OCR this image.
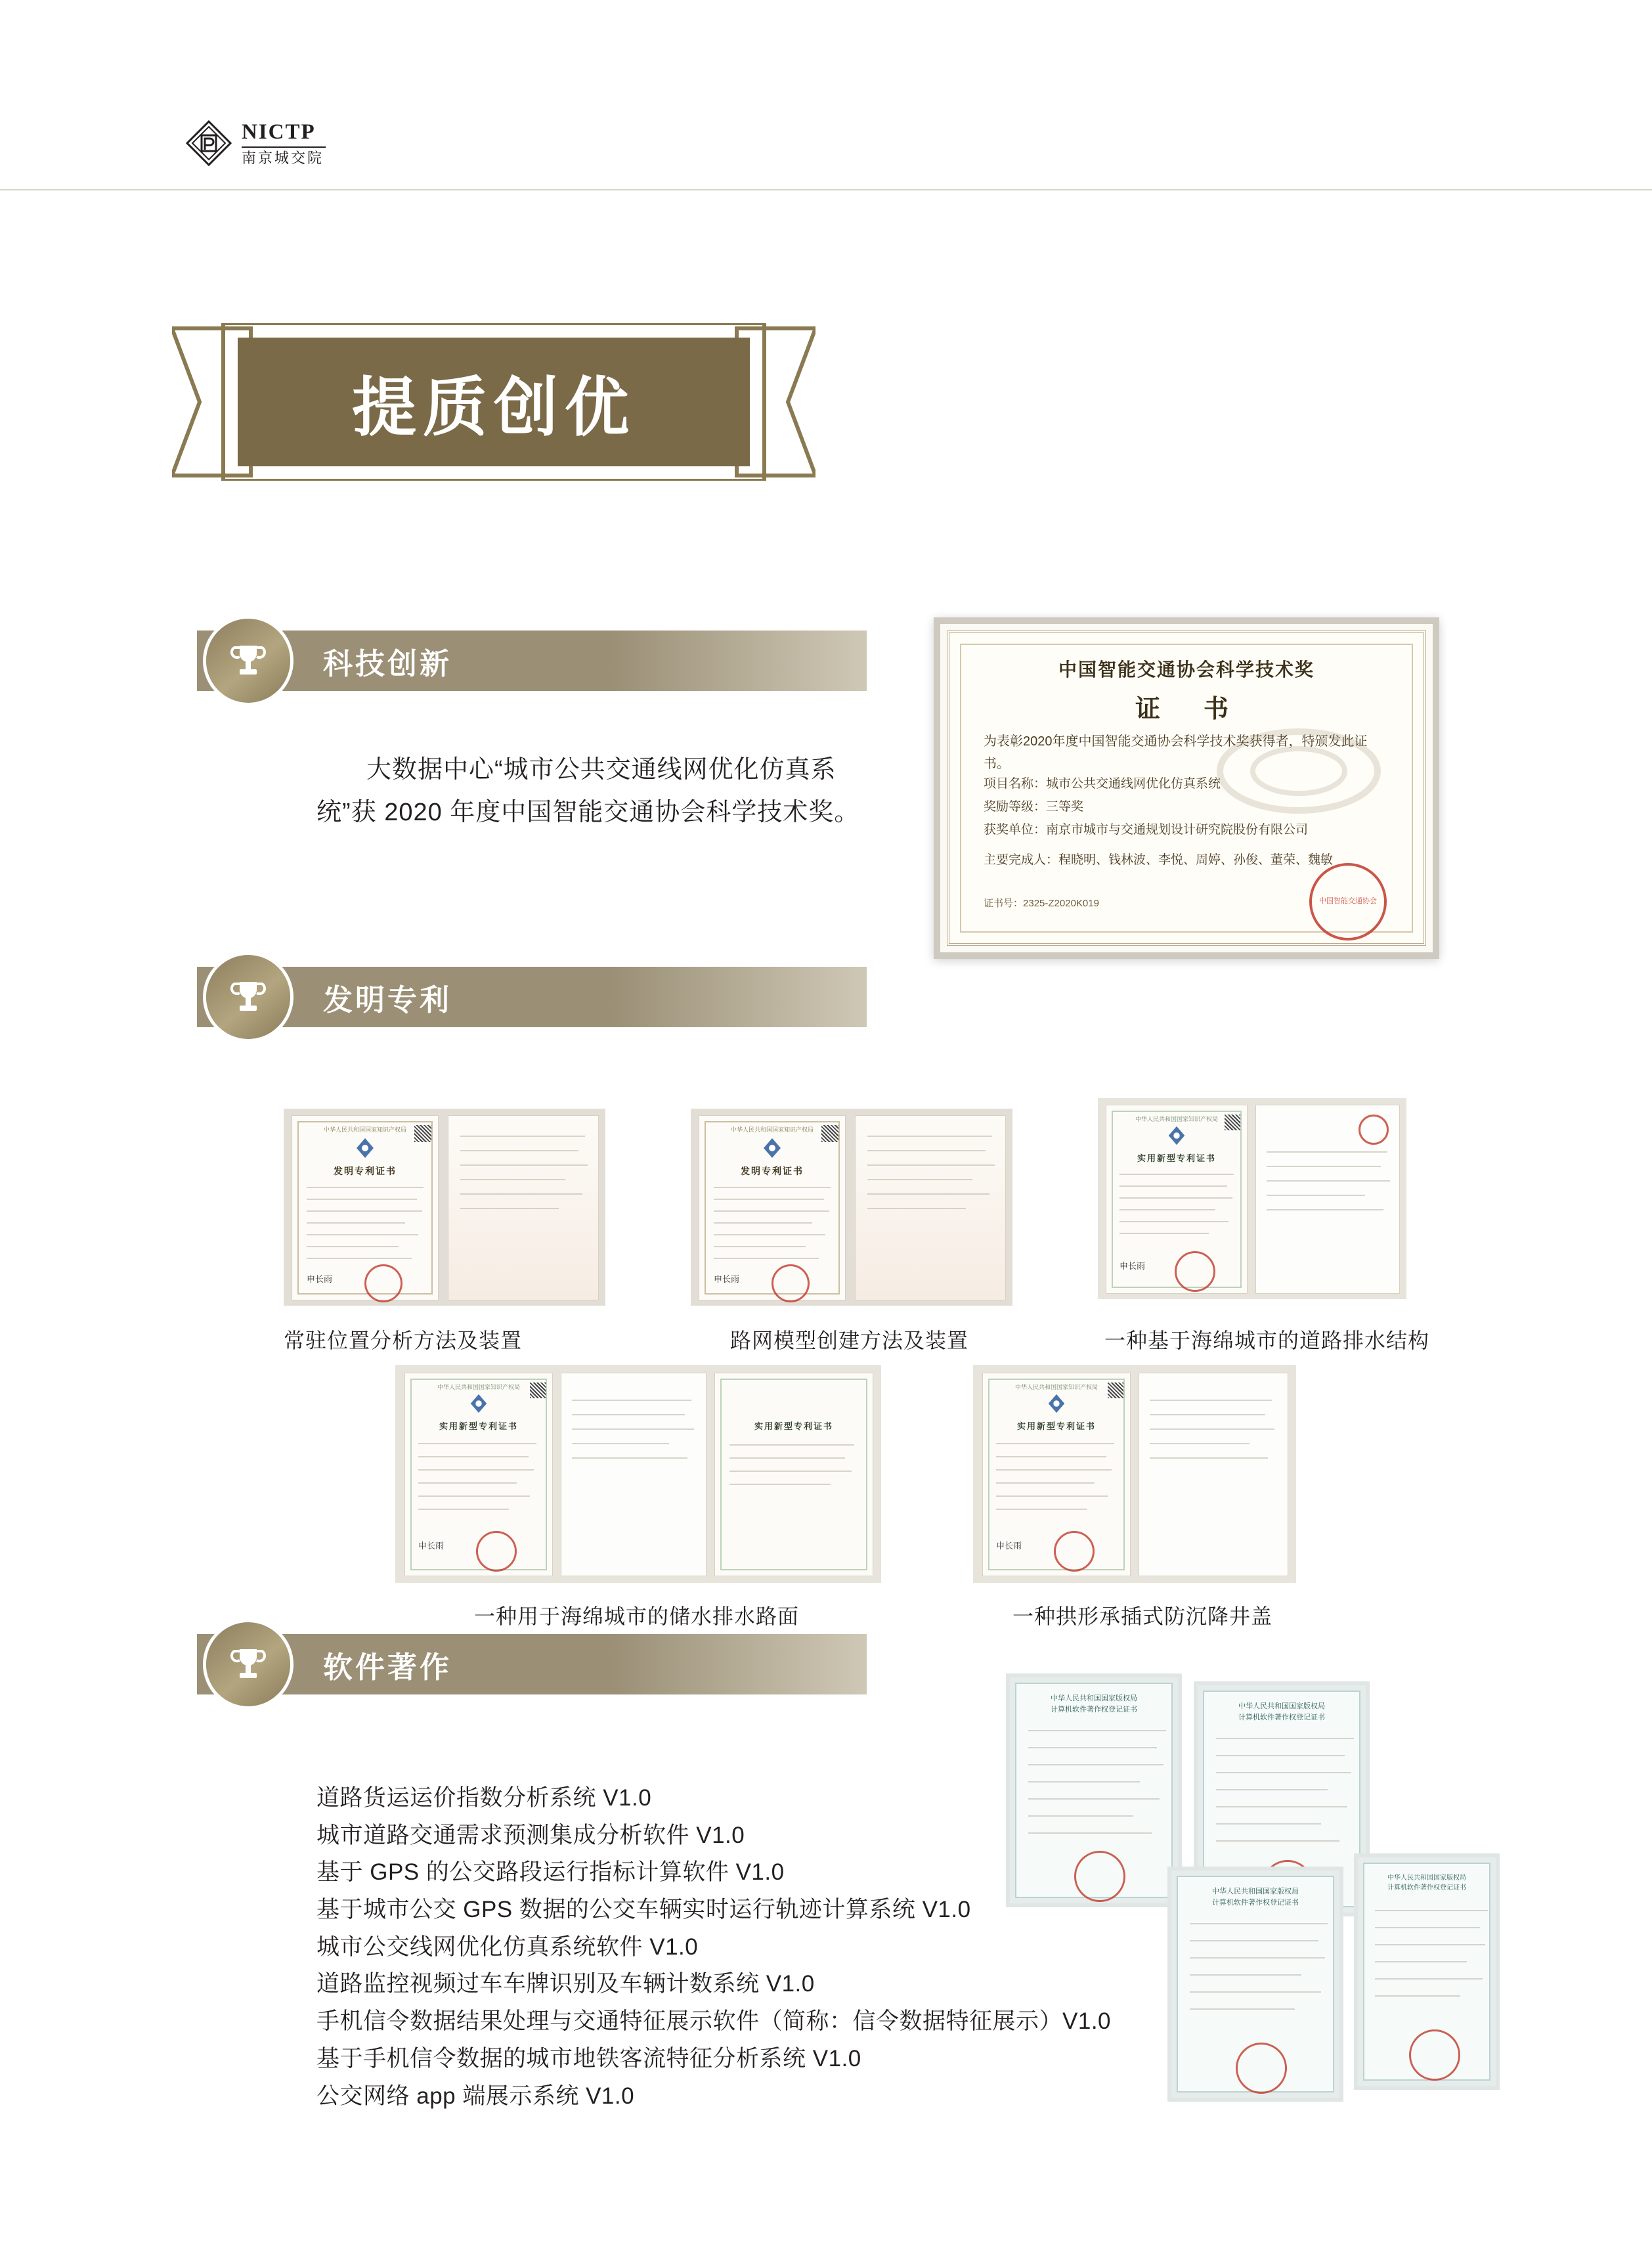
NICTP
南京城交院
提质创优
科技创新

大数据中心“城市公共交通线网优化仿真系统”获 2020 年度中国智能交通协会科学技术奖。

中国智能交通协会科学技术奖
证　书
为表彰2020年度中国智能交通协会科学技术奖获得者，特颁发此证书。
项目名称：城市公共交通线网优化仿真系统
奖励等级：三等奖
获奖单位：南京市城市与交通规划设计研究院股份有限公司
主要完成人：程晓明、钱林波、李悦、周婷、孙俊、董荣、魏敏
证书号：2325-Z2020K019	中国智能交通协会
发明专利
中华人民共和国国家知识产权局
发明专利证书
申长雨
常驻位置分析方法及装置
中华人民共和国国家知识产权局
发明专利证书
申长雨
路网模型创建方法及装置
中华人民共和国国家知识产权局
实用新型专利证书
申长雨
一种基于海绵城市的道路排水结构
中华人民共和国国家知识产权局
实用新型专利证书
申长雨
实用新型专利证书
一种用于海绵城市的储水排水路面
中华人民共和国国家知识产权局
实用新型专利证书
申长雨
一种拱形承插式防沉降井盖
软件著作
道路货运运价指数分析系统 V1.0
城市道路交通需求预测集成分析软件 V1.0
基于 GPS 的公交路段运行指标计算软件 V1.0
基于城市公交 GPS 数据的公交车辆实时运行轨迹计算系统 V1.0
城市公交线网优化仿真系统软件 V1.0
道路监控视频过车车牌识别及车辆计数系统 V1.0
手机信令数据结果处理与交通特征展示软件（简称：信令数据特征展示）V1.0
基于手机信令数据的城市地铁客流特征分析系统 V1.0
公交网络 app 端展示系统 V1.0
中华人民共和国国家版权局
计算机软件著作权登记证书	中华人民共和国国家版权局
计算机软件著作权登记证书
中华人民共和国国家版权局
计算机软件著作权登记证书
中华人民共和国国家版权局
计算机软件著作权登记证书
